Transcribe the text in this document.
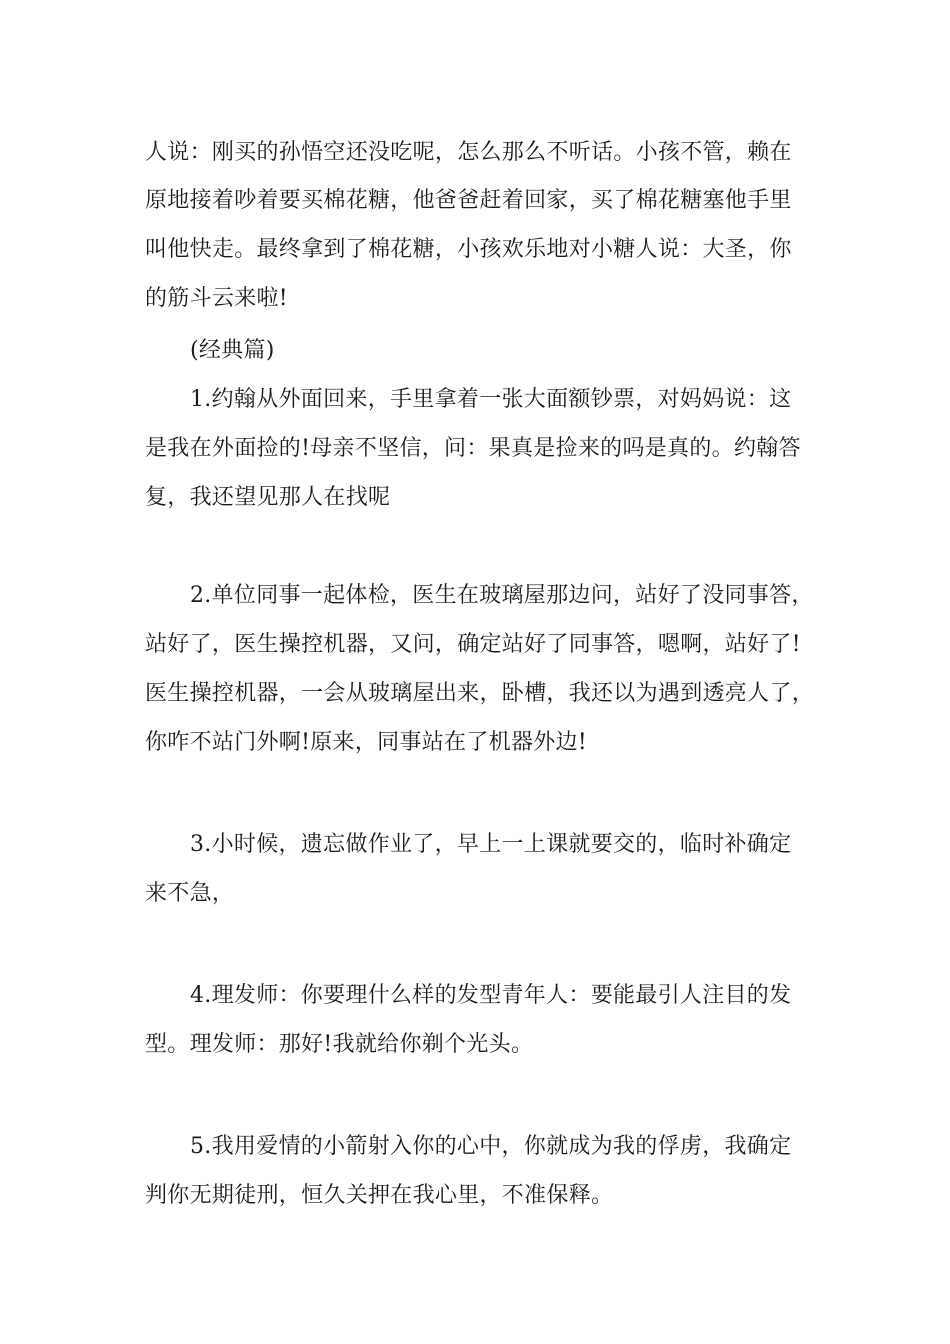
人说：刚买的孙悟空还没吃呢，怎么那么不听话。小孩不管，赖在
原地接着吵着要买棉花糖，他爸爸赶着回家，买了棉花糖塞他手里
叫他快走。最终拿到了棉花糖，小孩欢乐地对小糖人说：大圣，你
的筋斗云来啦!
(经典篇)
1.约翰从外面回来，手里拿着一张大面额钞票，对妈妈说：这
是我在外面捡的!母亲不坚信，问：果真是捡来的吗是真的。约翰答
复，我还望见那人在找呢
2.单位同事一起体检，医生在玻璃屋那边问，站好了没同事答，
站好了，医生操控机器，又问，确定站好了同事答，嗯啊，站好了!
医生操控机器，一会从玻璃屋出来，卧槽，我还以为遇到透亮人了，
你咋不站门外啊!原来，同事站在了机器外边!
3.小时候，遗忘做作业了，早上一上课就要交的，临时补确定
来不急，
4.理发师：你要理什么样的发型青年人：要能最引人注目的发
型。理发师：那好!我就给你剃个光头。
5.我用爱情的小箭射入你的心中，你就成为我的俘虏，我确定
判你无期徒刑，恒久关押在我心里，不准保释。
